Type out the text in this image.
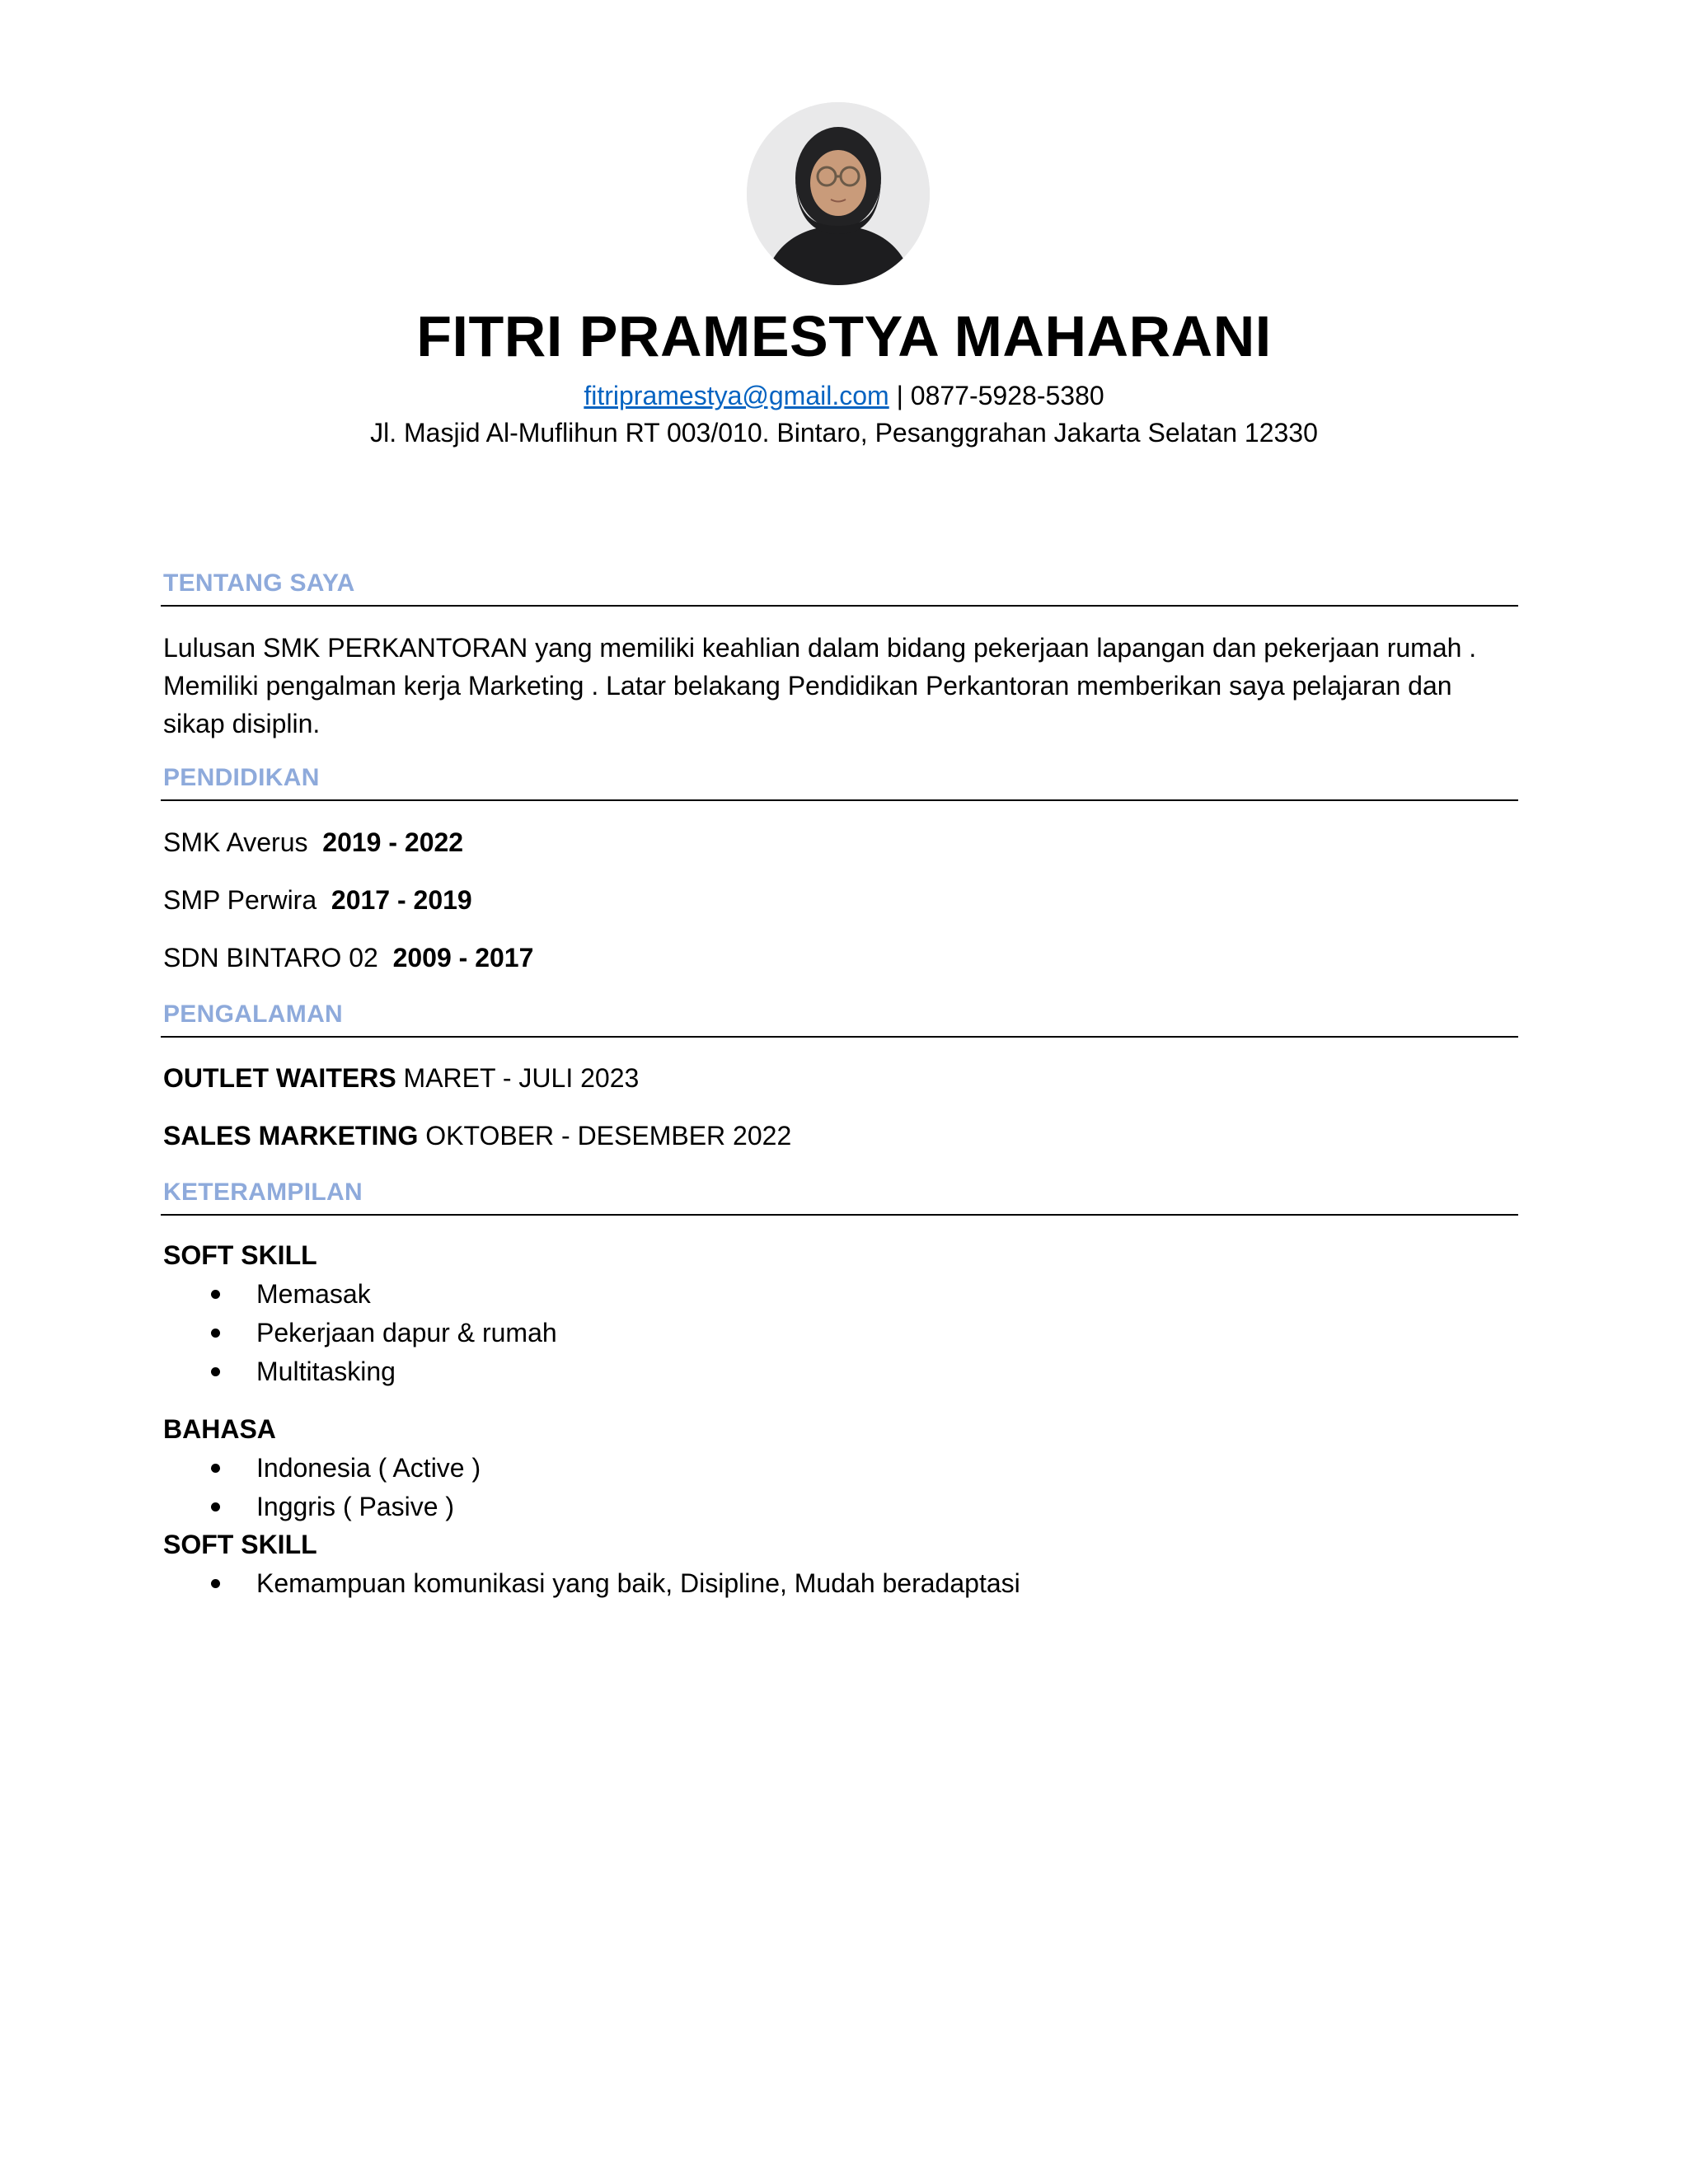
FITRI PRAMESTYA MAHARANI
fitripramestya@gmail.com | 0877-5928-5380
Jl. Masjid Al-Muflihun RT 003/010. Bintaro, Pesanggrahan Jakarta Selatan 12330
TENTANG SAYA
Lulusan SMK PERKANTORAN yang memiliki keahlian dalam bidang pekerjaan lapangan dan pekerjaan rumah . Memiliki pengalman kerja Marketing . Latar belakang Pendidikan Perkantoran memberikan saya pelajaran dan sikap disiplin.
PENDIDIKAN
SMK Averus 2019 - 2022
SMP Perwira 2017 - 2019
SDN BINTARO 02 2009 - 2017
PENGALAMAN
OUTLET WAITERS MARET - JULI 2023
SALES MARKETING OKTOBER - DESEMBER 2022
KETERAMPILAN
SOFT SKILL
Memasak
Pekerjaan dapur & rumah
Multitasking
BAHASA
Indonesia ( Active )
Inggris ( Pasive )
SOFT SKILL
Kemampuan komunikasi yang baik, Disipline, Mudah beradaptasi
